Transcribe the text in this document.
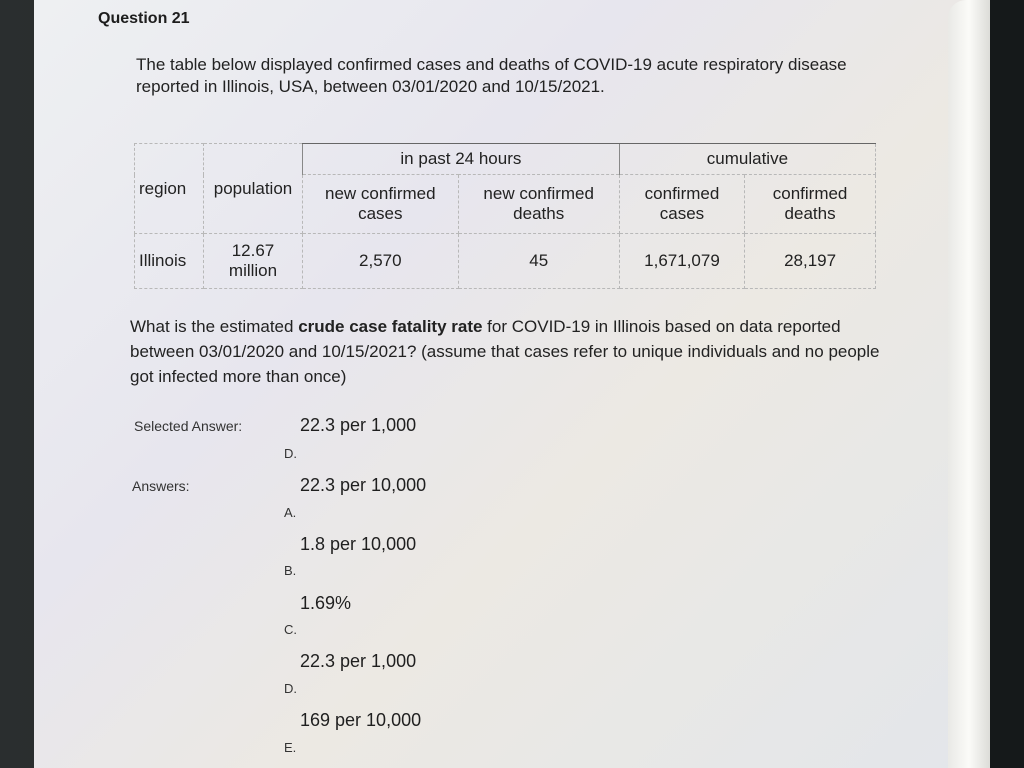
Question 21
The table below displayed confirmed cases and deaths of COVID-19 acute respiratory disease reported in Illinois, USA, between 03/01/2020 and 10/15/2021.
region	population	in past 24 hours		cumulative	
		new confirmed cases	new confirmed deaths	confirmed cases	confirmed deaths
Illinois	12.67 million	2,570	45	1,671,079	28,197
What is the estimated crude case fatality rate for COVID-19 in Illinois based on data reported between 03/01/2020 and 10/15/2021? (assume that cases refer to unique individuals and no people got infected more than once)
Selected Answer:	22.3 per 1,000
D.
Answers:	22.3 per 10,000
A.
1.8 per 10,000
B.
1.69%
C.
22.3 per 1,000
D.
169 per 10,000
E.
